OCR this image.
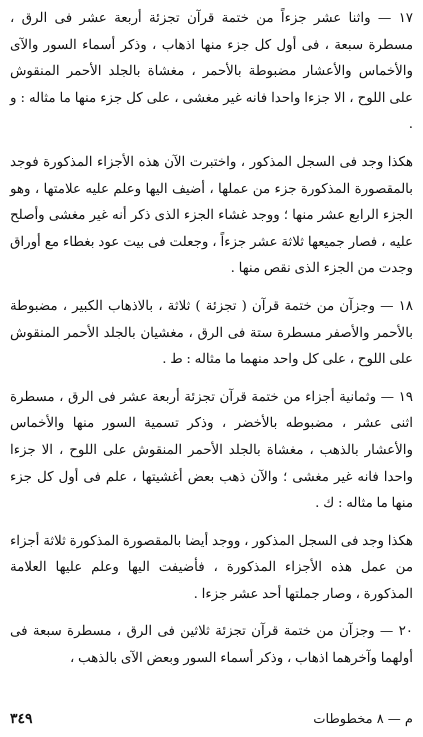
١٧ — واثنا عشر جزءاً من ختمة قرآن تجزئة أربعة عشر فى الرق ، مسطرة سبعة ، فى أول كل جزء منها اذهاب ، وذكر أسماء السور والآى والأخماس والأعشار مضبوطة بالأحمر ، مغشاة بالجلد الأحمر المنقوش على اللوح ، الا جزءا واحدا فانه غير مغشى ، على كل جزء منها ما مثاله : و .

هكذا وجد فى السجل المذكور ، واختبرت الآن هذه الأجزاء المذكورة فوجد بالمقصورة المذكورة جزء من عملها ، أضيف اليها وعلم عليه علامتها ، وهو الجزء الرابع عشر منها ؛ ووجد غشاء الجزء الذى ذكر أنه غير مغشى وأصلح عليه ، فصار جميعها ثلاثة عشر جزءاً ، وجعلت فى بيت عود بغطاء مع أوراق وجدت من الجزء الذى نقص منها .

١٨ — وجزآن من ختمة قرآن ( تجزئة ) ثلاثة ، بالاذهاب الكبير ، مضبوطة بالأحمر والأصفر مسطرة ستة فى الرق ، مغشيان بالجلد الأحمر المنقوش على اللوح ، على كل واحد منهما ما مثاله : ط .

١٩ — وثمانية أجزاء من ختمة قرآن تجزئة أربعة عشر فى الرق ، مسطرة اثنى عشر ، مضبوطه بالأخضر ، وذكر تسمية السور منها والأخماس والأعشار بالذهب ، مغشاة بالجلد الأحمر المنقوش على اللوح ، الا جزءا واحدا فانه غير مغشى ؛ والآن ذهب بعض أغشيتها ، علم فى أول كل جزء منها ما مثاله : ك .

هكذا وجد فى السجل المذكور ، ووجد أيضا بالمقصورة المذكورة ثلاثة أجزاء من عمل هذه الأجزاء المذكورة ، فأضيفت اليها وعلم عليها العلامة المذكورة ، وصار جملتها أحد عشر جزءا .

٢٠ — وجزآن من ختمة قرآن تجزئة ثلاثين فى الرق ، مسطرة سبعة فى أولهما وآخرهما اذهاب ، وذكر أسماء السور وبعض الآى بالذهب ،

٣٤٩	م — ٨ مخطوطات
